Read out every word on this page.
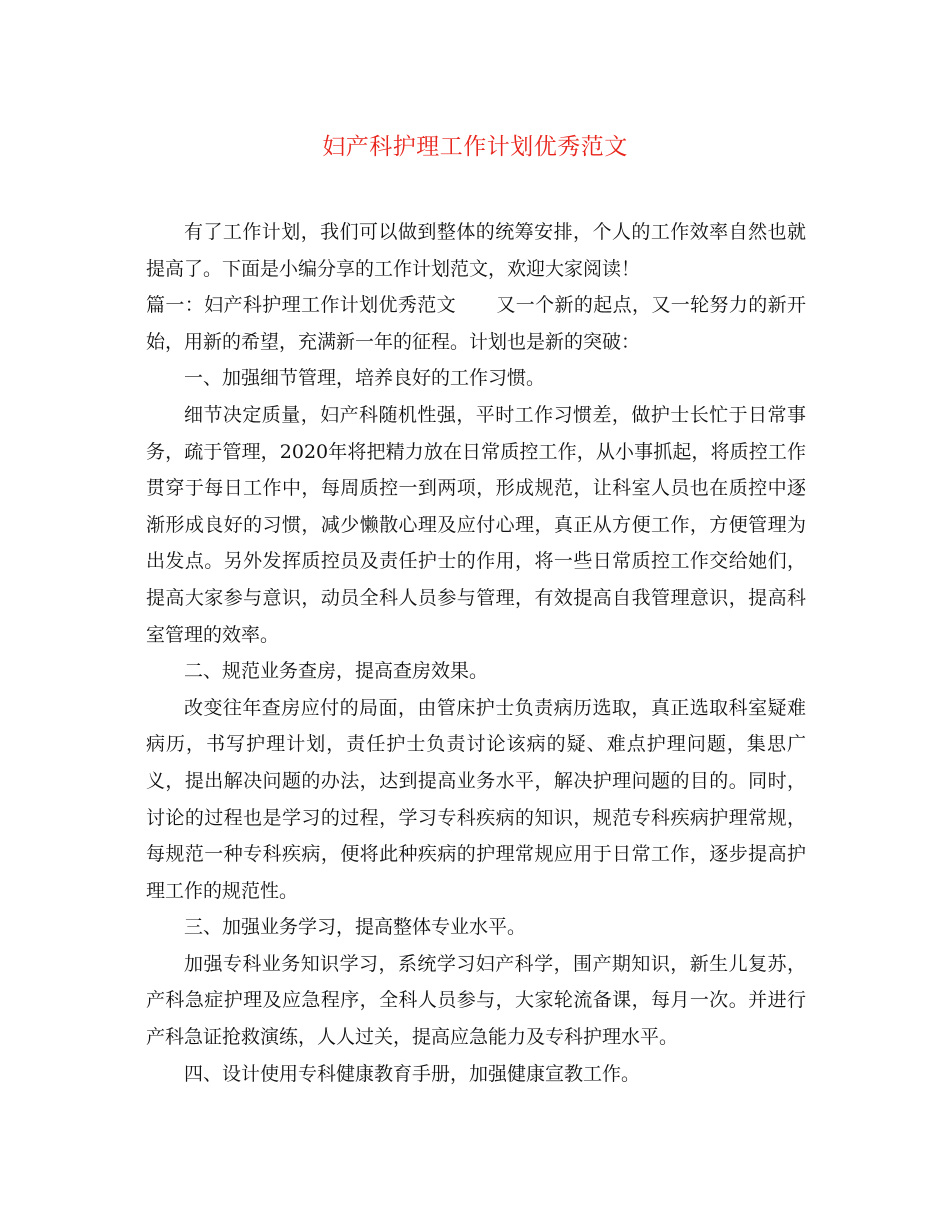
妇产科护理工作计划优秀范文

有了工作计划，我们可以做到整体的统筹安排，个人的工作效率自然也就提高了。下面是小编分享的工作计划范文，欢迎大家阅读！

篇一：妇产科护理工作计划优秀范文 又一个新的起点，又一轮努力的新开始，用新的希望，充满新一年的征程。计划也是新的突破：

一、加强细节管理，培养良好的工作习惯。

细节决定质量，妇产科随机性强，平时工作习惯差，做护士长忙于日常事务，疏于管理，2020年将把精力放在日常质控工作，从小事抓起，将质控工作贯穿于每日工作中，每周质控一到两项，形成规范，让科室人员也在质控中逐渐形成良好的习惯，减少懒散心理及应付心理，真正从方便工作，方便管理为出发点。另外发挥质控员及责任护士的作用，将一些日常质控工作交给她们，提高大家参与意识，动员全科人员参与管理，有效提高自我管理意识，提高科室管理的效率。

二、规范业务查房，提高查房效果。

改变往年查房应付的局面，由管床护士负责病历选取，真正选取科室疑难病历，书写护理计划，责任护士负责讨论该病的疑、难点护理问题，集思广义，提出解决问题的办法，达到提高业务水平，解决护理问题的目的。同时，讨论的过程也是学习的过程，学习专科疾病的知识，规范专科疾病护理常规，每规范一种专科疾病，便将此种疾病的护理常规应用于日常工作，逐步提高护理工作的规范性。

三、加强业务学习，提高整体专业水平。

加强专科业务知识学习，系统学习妇产科学，围产期知识，新生儿复苏，产科急症护理及应急程序，全科人员参与，大家轮流备课，每月一次。并进行产科急证抢救演练，人人过关，提高应急能力及专科护理水平。

四、设计使用专科健康教育手册，加强健康宣教工作。
